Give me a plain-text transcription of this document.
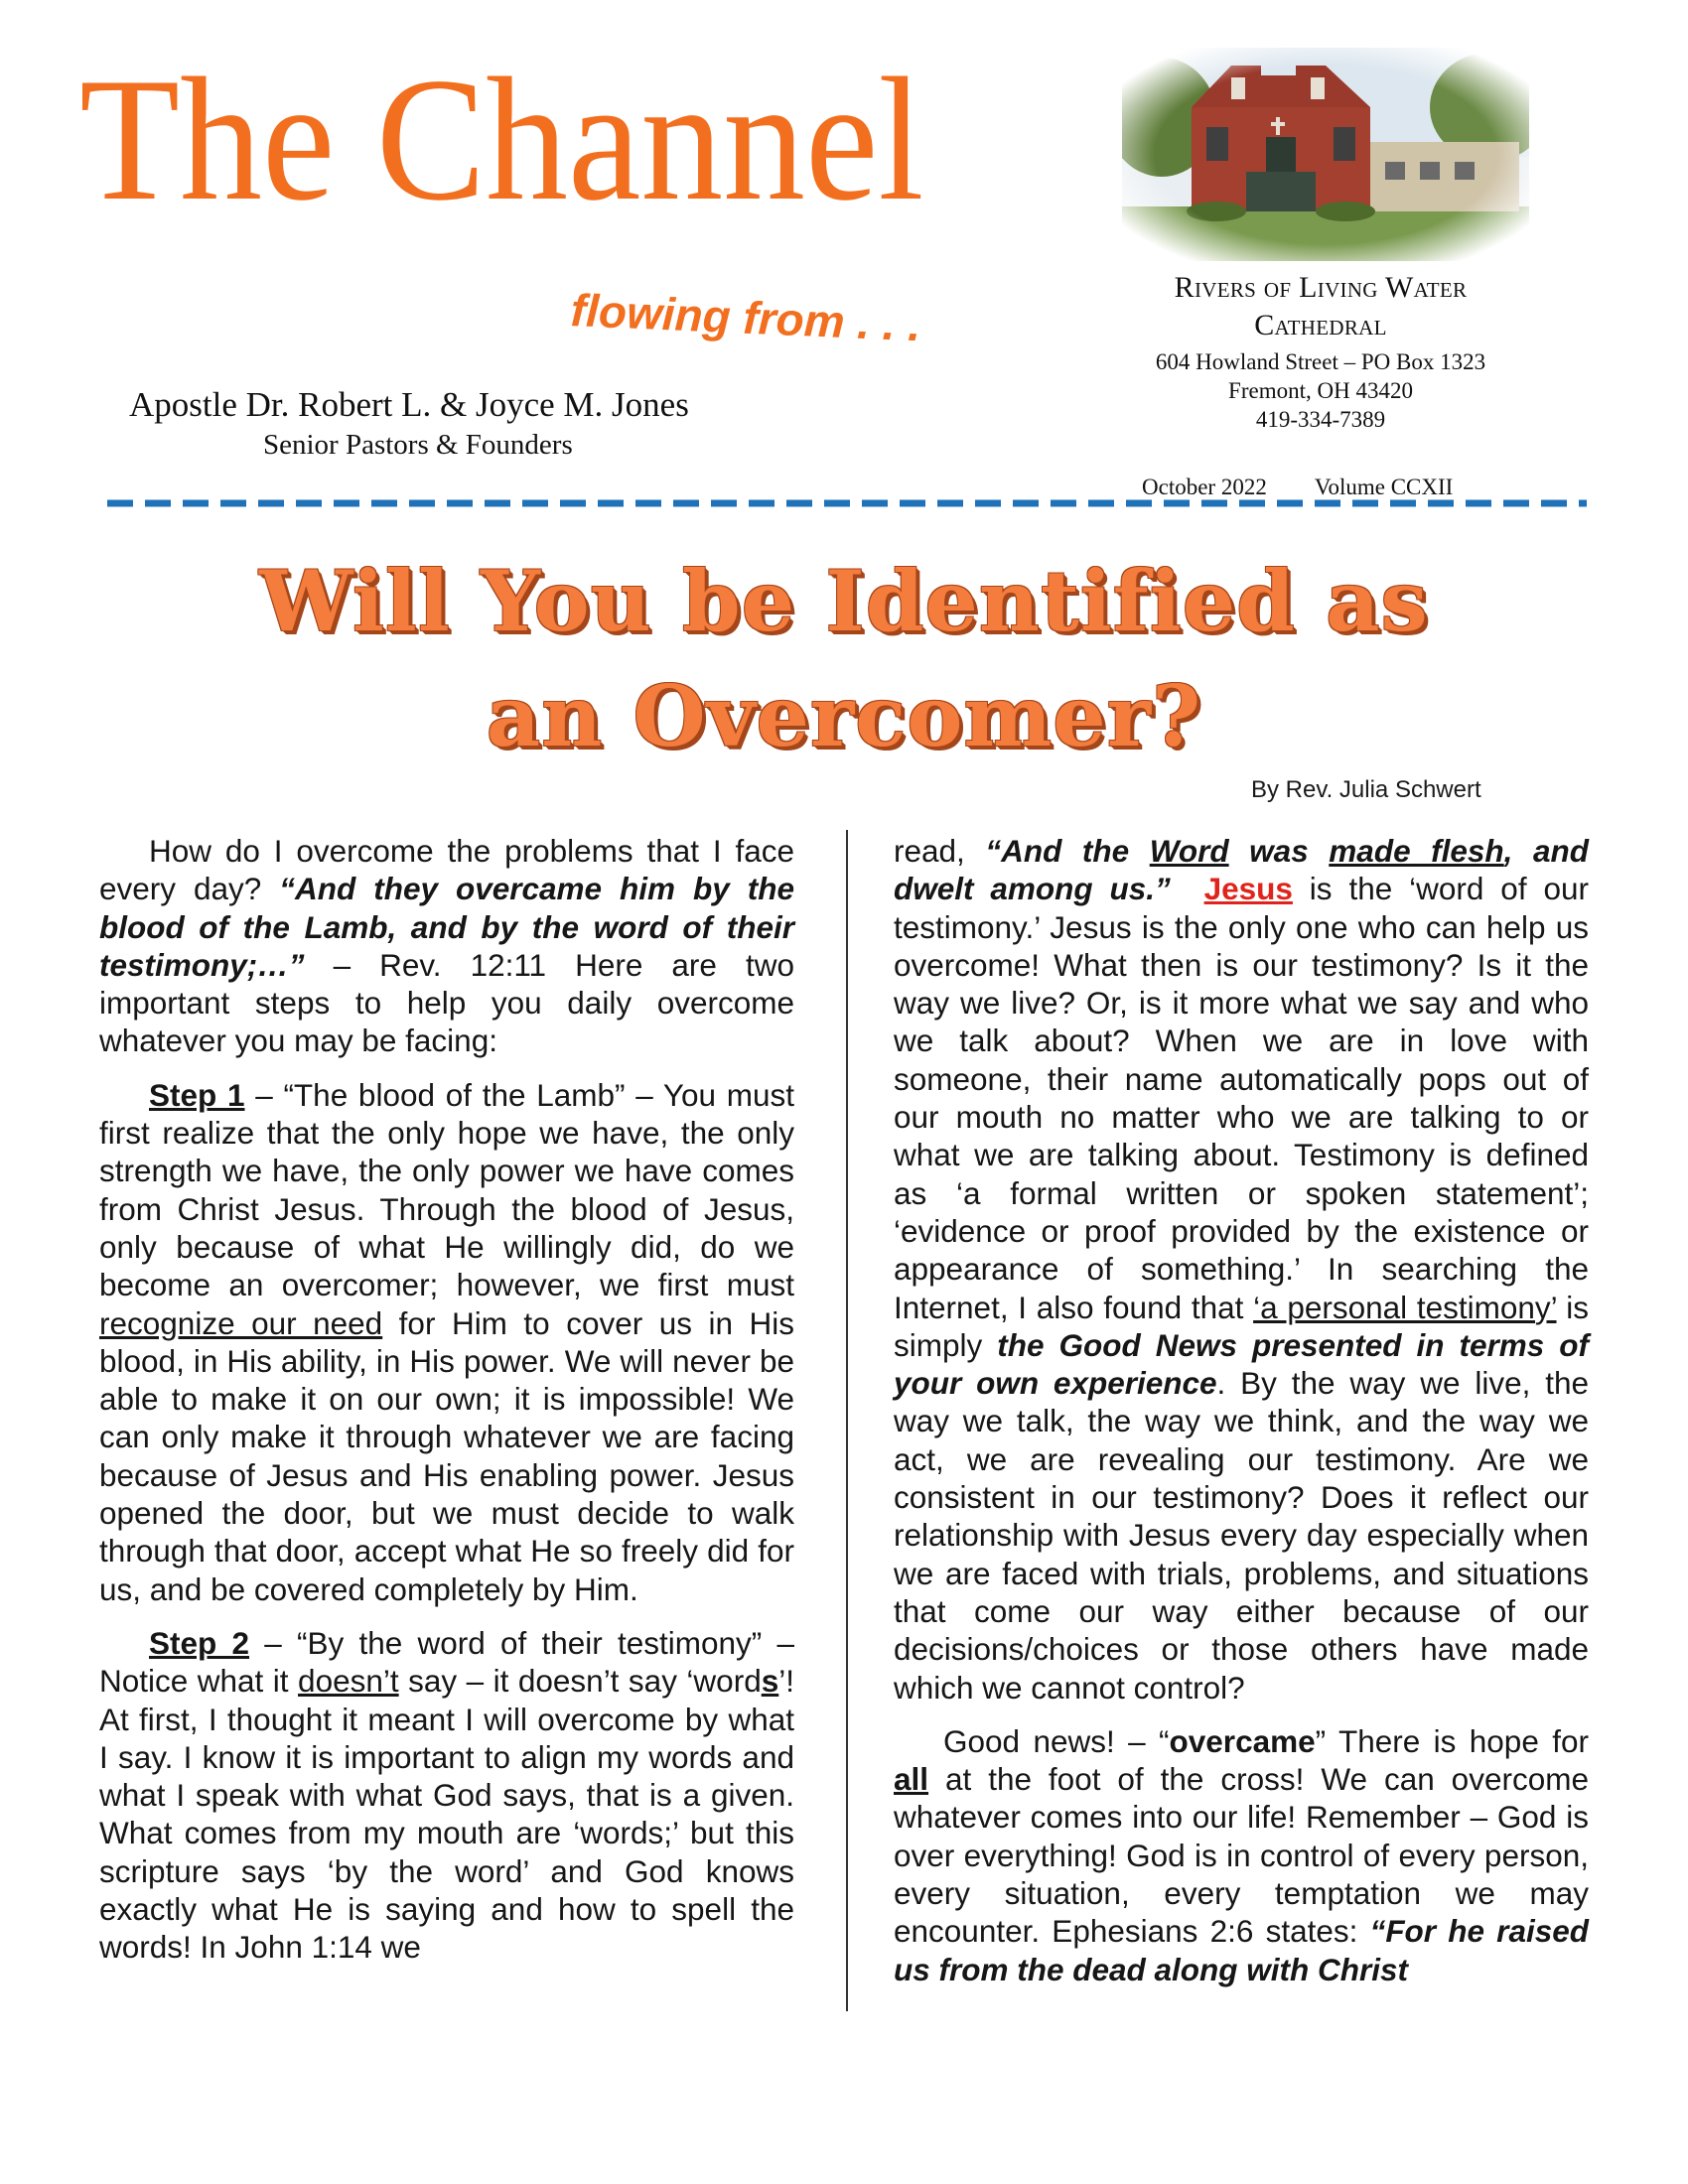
The Channel
flowing from . . .
Apostle Dr. Robert L. & Joyce M. Jones
Senior Pastors & Founders
Rivers of Living Water
Cathedral
604 Howland Street – PO Box 1323
Fremont, OH 43420
419-334-7389
October 2022 Volume CCXII
Will You be Identified as
an Overcomer?
By Rev. Julia Schwert

How do I overcome the problems that I face every day? “And they overcame him by the blood of the Lamb, and by the word of their testimony;…” – Rev. 12:11 Here are two important steps to help you daily overcome whatever you may be facing:

Step 1 – “The blood of the Lamb” – You must first realize that the only hope we have, the only strength we have, the only power we have comes from Christ Jesus. Through the blood of Jesus, only because of what He willingly did, do we become an overcomer; however, we first must recognize our need for Him to cover us in His blood, in His ability, in His power. We will never be able to make it on our own; it is impossible! We can only make it through whatever we are facing because of Jesus and His enabling power. Jesus opened the door, but we must decide to walk through that door, accept what He so freely did for us, and be covered completely by Him.

Step 2 – “By the word of their testimony” – Notice what it doesn’t say – it doesn’t say ‘words’! At first, I thought it meant I will overcome by what I say. I know it is important to align my words and what I speak with what God says, that is a given. What comes from my mouth are ‘words;’ but this scripture says ‘by the word’ and God knows exactly what He is saying and how to spell the words! In John 1:14 we

read, “And the Word was made flesh, and dwelt among us.” Jesus is the ‘word of our testimony.’ Jesus is the only one who can help us overcome! What then is our testimony? Is it the way we live? Or, is it more what we say and who we talk about? When we are in love with someone, their name automatically pops out of our mouth no matter who we are talking to or what we are talking about. Testimony is defined as ‘a formal written or spoken statement’; ‘evidence or proof provided by the existence or appearance of something.’ In searching the Internet, I also found that ‘a personal testimony’ is simply the Good News presented in terms of your own experience. By the way we live, the way we talk, the way we think, and the way we act, we are revealing our testimony. Are we consistent in our testimony? Does it reflect our relationship with Jesus every day especially when we are faced with trials, problems, and situations that come our way either because of our decisions/choices or those others have made which we cannot control?

Good news! – “overcame” There is hope for all at the foot of the cross! We can overcome whatever comes into our life! Remember – God is over everything! God is in control of every person, every situation, every temptation we may encounter. Ephesians 2:6 states: “For he raised us from the dead along with Christ
